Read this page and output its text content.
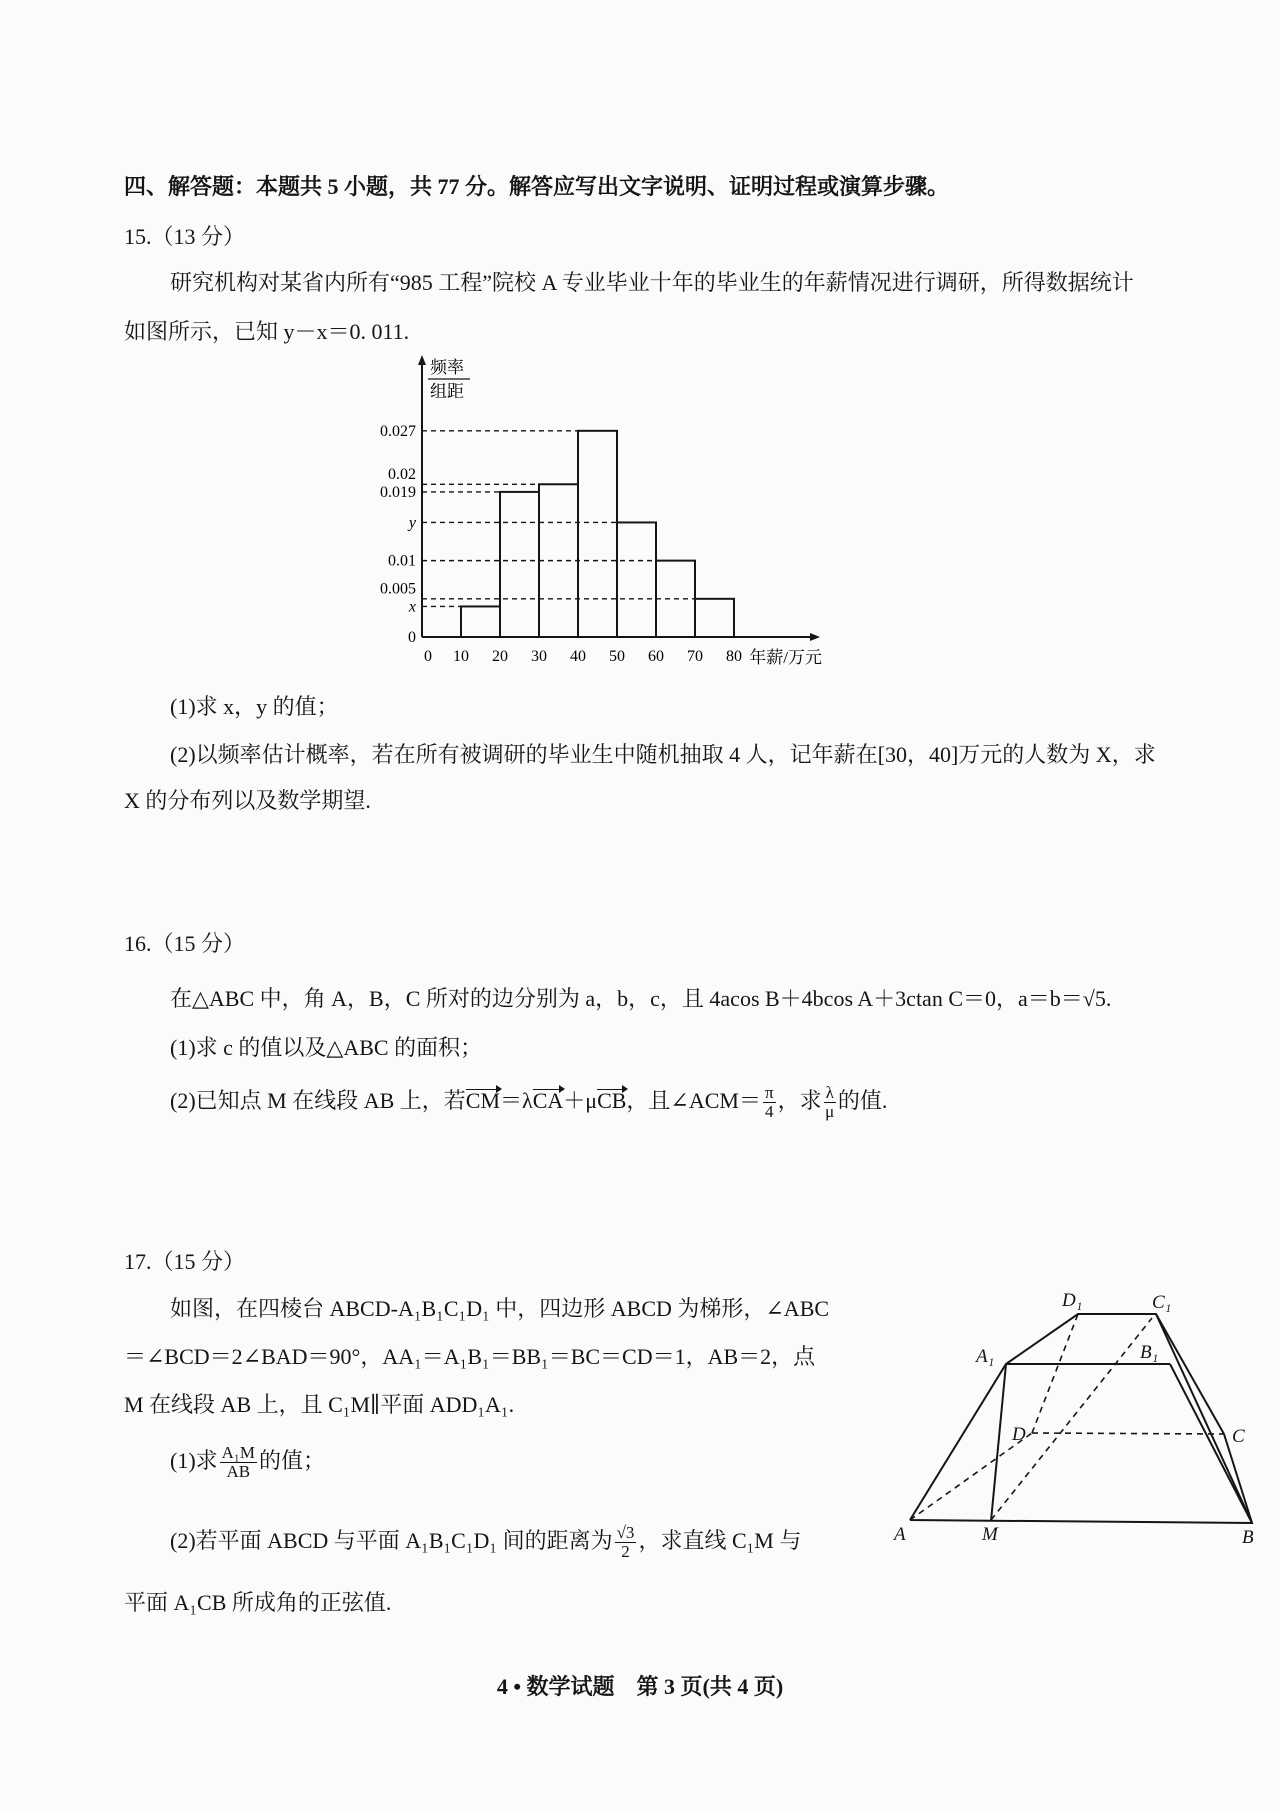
四、解答题：本题共 5 小题，共 77 分。解答应写出文字说明、证明过程或演算步骤。
15.（13 分）
研究机构对某省内所有“985 工程”院校 A 专业毕业十年的毕业生的年薪情况进行调研，所得数据统计
如图所示，已知 y－x＝0. 011.
0
x
0.005
0.01
y
0.019
0.02
0.027
0 10 20 30 40 50 60 70 80 年薪/万元
频率
组距
(1)求 x，y 的值；
(2)以频率估计概率，若在所有被调研的毕业生中随机抽取 4 人，记年薪在[30，40]万元的人数为 X，求
X 的分布列以及数学期望.
16.（15 分）
在△ABC 中，角 A，B，C 所对的边分别为 a，b，c，且 4acos B＋4bcos A＋3ctan C＝0，a＝b＝√5.
(1)求 c 的值以及△ABC 的面积；
(2)已知点 M 在线段 AB 上，若CM＝λCA＋μCB，且∠ACM＝ $\frac{\pi}{4}$ ，求 $\frac{\lambda}{\mu}$ 的值.
17.（15 分）
如图，在四棱台 ABCD-A₁B₁C₁D₁ 中，四边形 ABCD 为梯形，∠ABC
＝∠BCD＝2∠BAD＝90°，AA₁＝A₁B₁＝BB₁＝BC＝CD＝1，AB＝2，点
M 在线段 AB 上，且 C₁M∥平面 ADD₁A₁.
(1)求 $\frac{\text{A₁M}}{AB}$ 的值；
(2)若平面 ABCD 与平面 A₁B₁C₁D₁ 间的距离为 $\frac{√3}{2}$ ，求直线 C₁M 与
平面 A₁CB 所成角的正弦值.
A	M	B
C
D
A₁	B₁
C₁
D₁
4 • 数学试题　第 3 页(共 4 页)
